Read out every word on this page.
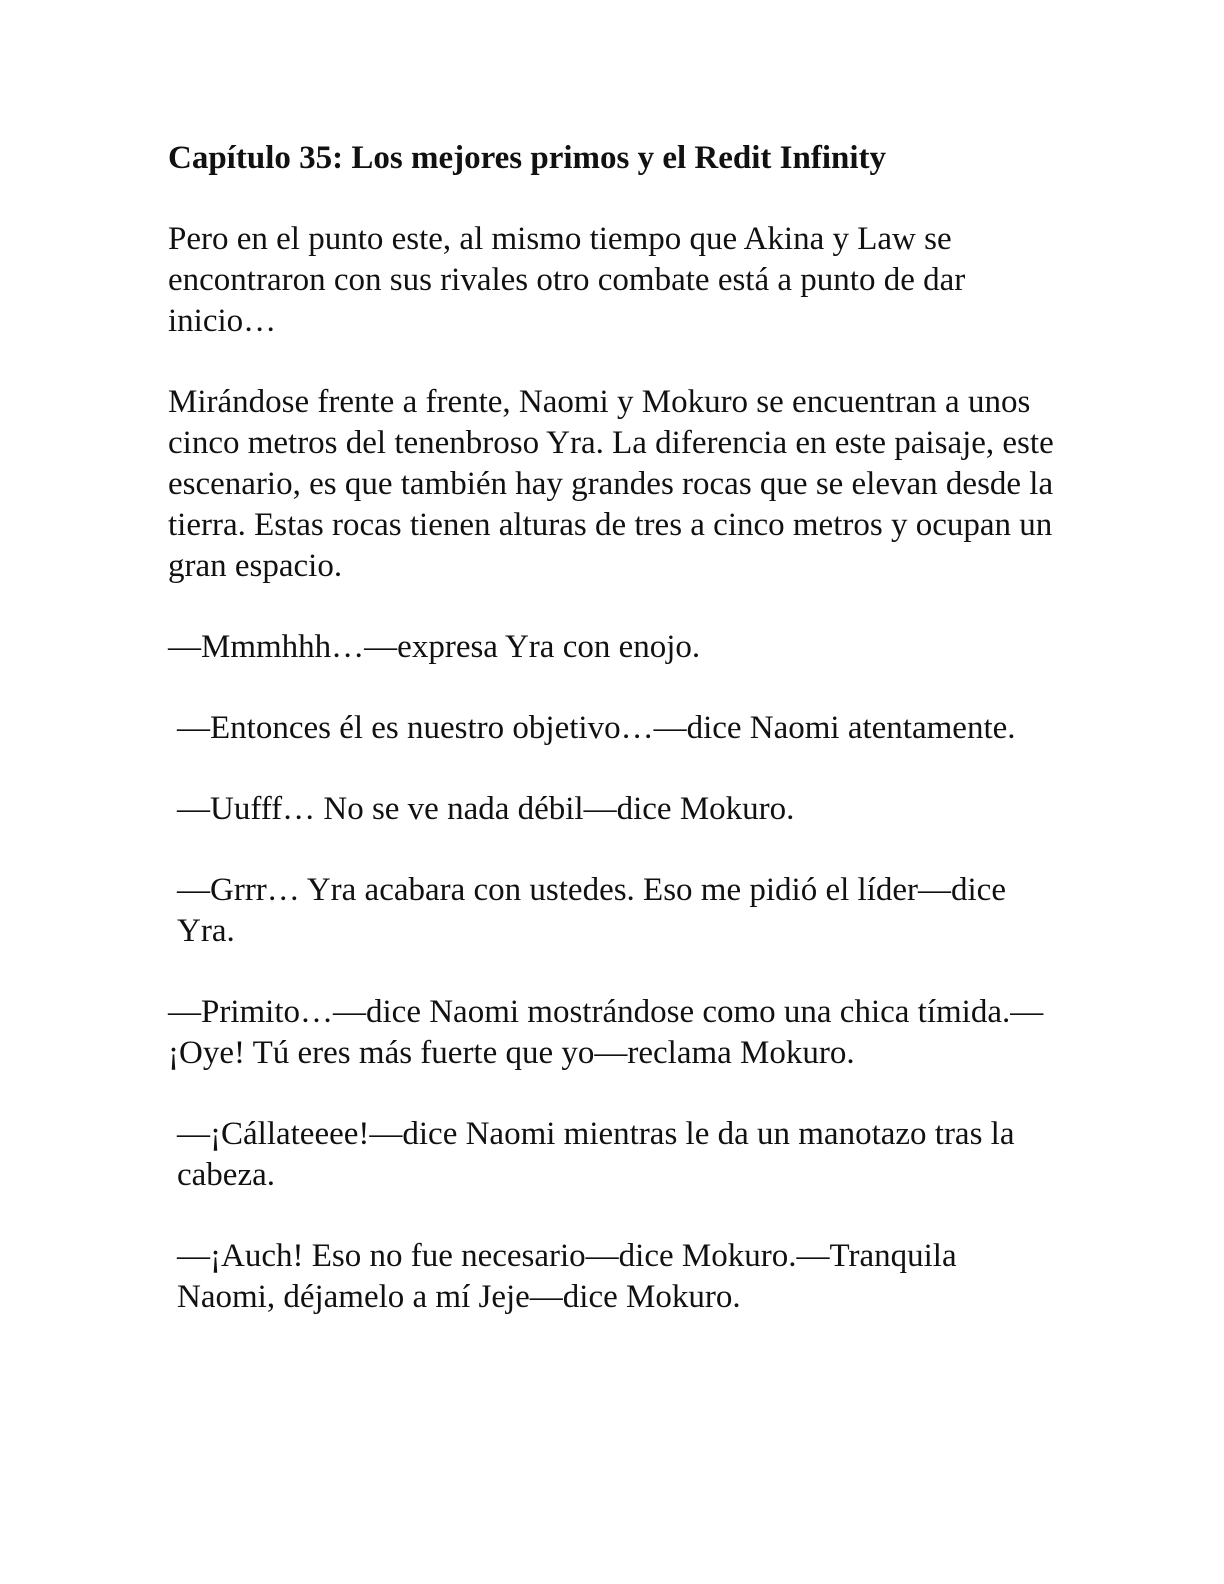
Capítulo 35: Los mejores primos y el Redit Infinity
Pero en el punto este, al mismo tiempo que Akina y Law se encontraron con sus rivales otro combate está a punto de dar inicio…
Mirándose frente a frente, Naomi y Mokuro se encuentran a unos cinco metros del tenenbroso Yra. La diferencia en este paisaje, este escenario, es que también hay grandes rocas que se elevan desde la tierra. Estas rocas tienen alturas de tres a cinco metros y ocupan un gran espacio.
—Mmmhhh…—expresa Yra con enojo.
—Entonces él es nuestro objetivo…—dice Naomi atentamente.
—Uufff… No se ve nada débil—dice Mokuro.
—Grrr… Yra acabara con ustedes. Eso me pidió el líder—dice Yra.
—Primito…—dice Naomi mostrándose como una chica tímida.—¡Oye! Tú eres más fuerte que yo—reclama Mokuro.
—¡Cállateeee!—dice Naomi mientras le da un manotazo tras la cabeza.
—¡Auch! Eso no fue necesario—dice Mokuro.—Tranquila Naomi, déjamelo a mí Jeje—dice Mokuro.
